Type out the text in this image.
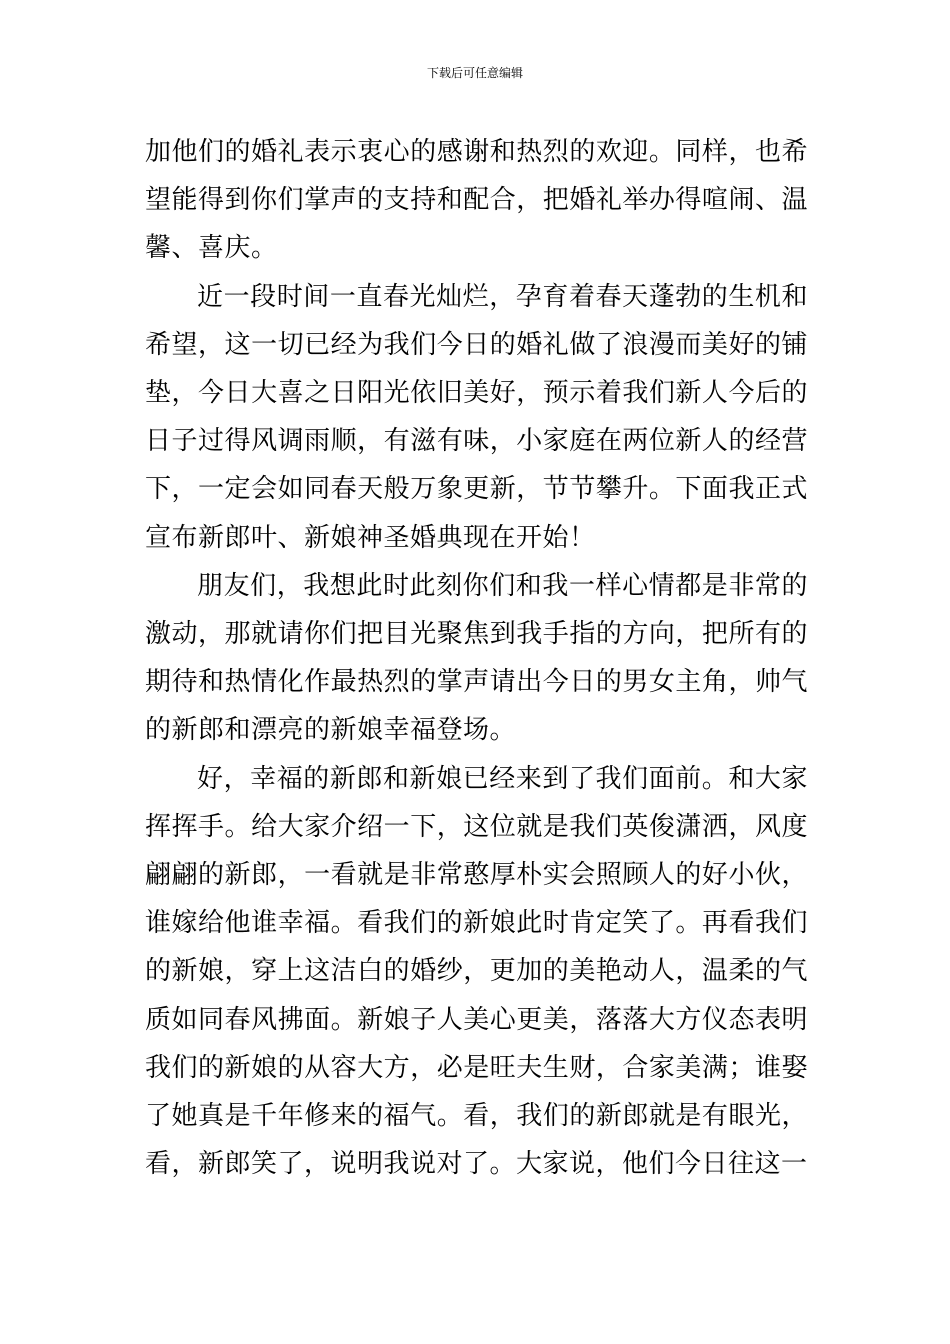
下载后可任意编辑

加他们的婚礼表示衷心的感谢和热烈的欢迎。同样，也希望能得到你们掌声的支持和配合，把婚礼举办得喧闹、温馨、喜庆。

近一段时间一直春光灿烂，孕育着春天蓬勃的生机和希望，这一切已经为我们今日的婚礼做了浪漫而美好的铺垫，今日大喜之日阳光依旧美好，预示着我们新人今后的日子过得风调雨顺，有滋有味，小家庭在两位新人的经营下，一定会如同春天般万象更新，节节攀升。下面我正式宣布新郎叶、新娘神圣婚典现在开始！

朋友们，我想此时此刻你们和我一样心情都是非常的激动，那就请你们把目光聚焦到我手指的方向，把所有的期待和热情化作最热烈的掌声请出今日的男女主角，帅气的新郎和漂亮的新娘幸福登场。

好，幸福的新郎和新娘已经来到了我们面前。和大家挥挥手。给大家介绍一下，这位就是我们英俊潇洒，风度翩翩的新郎，一看就是非常憨厚朴实会照顾人的好小伙，谁嫁给他谁幸福。看我们的新娘此时肯定笑了。再看我们的新娘，穿上这洁白的婚纱，更加的美艳动人，温柔的气质如同春风拂面。新娘子人美心更美，落落大方仪态表明我们的新娘的从容大方，必是旺夫生财，合家美满；谁娶了她真是千年修来的福气。看，我们的新郎就是有眼光，看，新郎笑了，说明我说对了。大家说，他们今日往这一
